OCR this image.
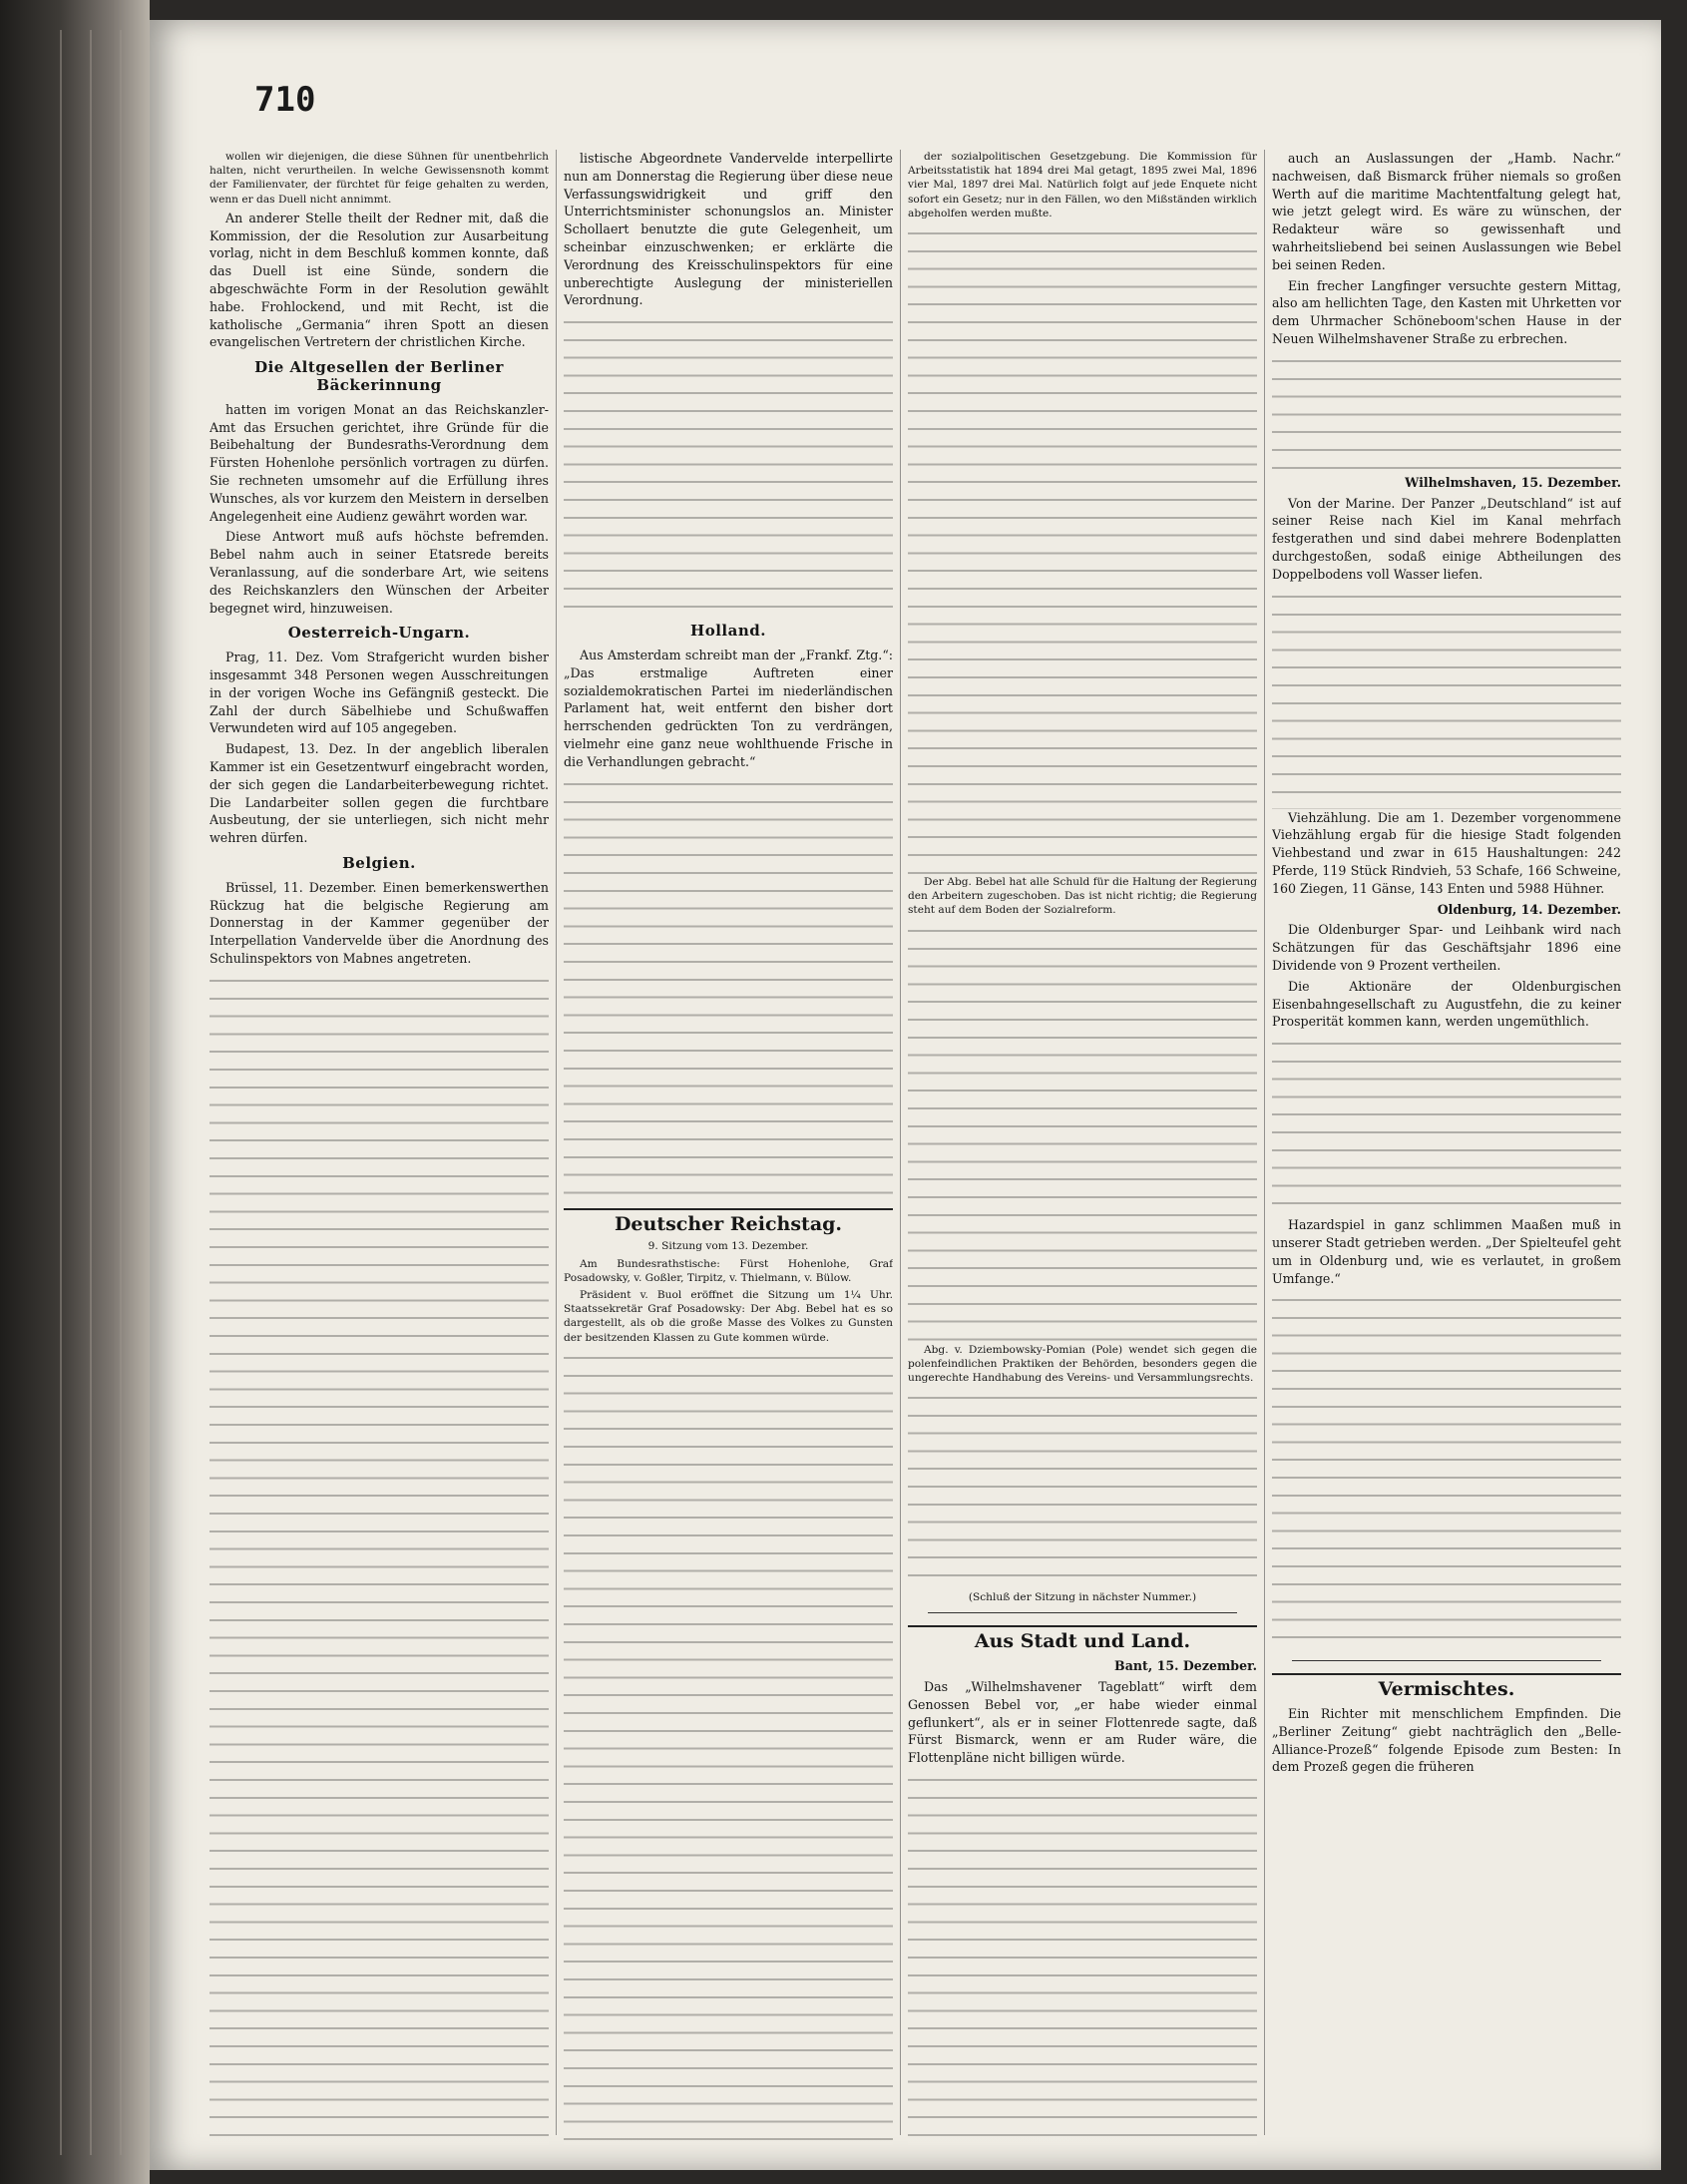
710

wollen wir diejenigen, die diese Sühnen für unentbehrlich halten, nicht verurtheilen. In welche Gewissensnoth kommt der Familienvater, der fürchtet für feige gehalten zu werden, wenn er das Duell nicht annimmt.

An anderer Stelle theilt der Redner mit, daß die Kommission, der die Resolution zur Ausarbeitung vorlag, nicht in dem Beschluß kommen konnte, daß das Duell ist eine Sünde, sondern die abgeschwächte Form in der Resolution gewählt habe. Frohlockend, und mit Recht, ist die katholische „Germania“ ihren Spott an diesen evangelischen Vertretern der christlichen Kirche.

Die Altgesellen der Berliner Bäckerinnung

hatten im vorigen Monat an das Reichskanzler-Amt das Ersuchen gerichtet, ihre Gründe für die Beibehaltung der Bundesraths-Verordnung dem Fürsten Hohenlohe persönlich vortragen zu dürfen. Sie rechneten umsomehr auf die Erfüllung ihres Wunsches, als vor kurzem den Meistern in derselben Angelegenheit eine Audienz gewährt worden war.

Diese Antwort muß aufs höchste befremden. Bebel nahm auch in seiner Etatsrede bereits Veranlassung, auf die sonderbare Art, wie seitens des Reichskanzlers den Wünschen der Arbeiter begegnet wird, hinzuweisen.

Oesterreich-Ungarn.

Prag, 11. Dez. Vom Strafgericht wurden bisher insgesammt 348 Personen wegen Ausschreitungen in der vorigen Woche ins Gefängniß gesteckt. Die Zahl der durch Säbelhiebe und Schußwaffen Verwundeten wird auf 105 angegeben.

Budapest, 13. Dez. In der angeblich liberalen Kammer ist ein Gesetzentwurf eingebracht worden, der sich gegen die Landarbeiterbewegung richtet. Die Landarbeiter sollen gegen die furchtbare Ausbeutung, der sie unterliegen, sich nicht mehr wehren dürfen.

Belgien.

Brüssel, 11. Dezember. Einen bemerkenswerthen Rückzug hat die belgische Regierung am Donnerstag in der Kammer gegenüber der Interpellation Vandervelde über die Anordnung des Schulinspektors von Mabnes angetreten.

listische Abgeordnete Vandervelde interpellirte nun am Donnerstag die Regierung über diese neue Verfassungswidrigkeit und griff den Unterrichtsminister schonungslos an. Minister Schollaert benutzte die gute Gelegenheit, um scheinbar einzuschwenken; er erklärte die Verordnung des Kreisschulinspektors für eine unberechtigte Auslegung der ministeriellen Verordnung.

Holland.

Aus Amsterdam schreibt man der „Frankf. Ztg.“: „Das erstmalige Auftreten einer sozialdemokratischen Partei im niederländischen Parlament hat, weit entfernt den bisher dort herrschenden gedrückten Ton zu verdrängen, vielmehr eine ganz neue wohlthuende Frische in die Verhandlungen gebracht.“

Deutscher Reichstag.

9. Sitzung vom 13. Dezember.

Am Bundesrathstische: Fürst Hohenlohe, Graf Posadowsky, v. Goßler, Tirpitz, v. Thielmann, v. Bülow.

Präsident v. Buol eröffnet die Sitzung um 1¼ Uhr. Staatssekretär Graf Posadowsky: Der Abg. Bebel hat es so dargestellt, als ob die große Masse des Volkes zu Gunsten der besitzenden Klassen zu Gute kommen würde.

der sozialpolitischen Gesetzgebung. Die Kommission für Arbeitsstatistik hat 1894 drei Mal getagt, 1895 zwei Mal, 1896 vier Mal, 1897 drei Mal. Natürlich folgt auf jede Enquete nicht sofort ein Gesetz; nur in den Fällen, wo den Mißständen wirklich abgeholfen werden mußte.

Der Abg. Bebel hat alle Schuld für die Haltung der Regierung den Arbeitern zugeschoben. Das ist nicht richtig; die Regierung steht auf dem Boden der Sozialreform.

Abg. v. Dziembowsky-Pomian (Pole) wendet sich gegen die polenfeindlichen Praktiken der Behörden, besonders gegen die ungerechte Handhabung des Vereins- und Versammlungsrechts.

(Schluß der Sitzung in nächster Nummer.)

Aus Stadt und Land.

Bant, 15. Dezember.

Das „Wilhelmshavener Tageblatt“ wirft dem Genossen Bebel vor, „er habe wieder einmal geflunkert“, als er in seiner Flottenrede sagte, daß Fürst Bismarck, wenn er am Ruder wäre, die Flottenpläne nicht billigen würde.

auch an Auslassungen der „Hamb. Nachr.“ nachweisen, daß Bismarck früher niemals so großen Werth auf die maritime Machtentfaltung gelegt hat, wie jetzt gelegt wird. Es wäre zu wünschen, der Redakteur wäre so gewissenhaft und wahrheitsliebend bei seinen Auslassungen wie Bebel bei seinen Reden.

Ein frecher Langfinger versuchte gestern Mittag, also am hellichten Tage, den Kasten mit Uhrketten vor dem Uhrmacher Schöneboom'schen Hause in der Neuen Wilhelmshavener Straße zu erbrechen.

Wilhelmshaven, 15. Dezember.

Von der Marine. Der Panzer „Deutschland“ ist auf seiner Reise nach Kiel im Kanal mehrfach festgerathen und sind dabei mehrere Bodenplatten durchgestoßen, sodaß einige Abtheilungen des Doppelbodens voll Wasser liefen.

Viehzählung. Die am 1. Dezember vorgenommene Viehzählung ergab für die hiesige Stadt folgenden Viehbestand und zwar in 615 Haushaltungen: 242 Pferde, 119 Stück Rindvieh, 53 Schafe, 166 Schweine, 160 Ziegen, 11 Gänse, 143 Enten und 5988 Hühner.

Oldenburg, 14. Dezember.

Die Oldenburger Spar- und Leihbank wird nach Schätzungen für das Geschäftsjahr 1896 eine Dividende von 9 Prozent vertheilen.

Die Aktionäre der Oldenburgischen Eisenbahngesellschaft zu Augustfehn, die zu keiner Prosperität kommen kann, werden ungemüthlich.

Hazardspiel in ganz schlimmen Maaßen muß in unserer Stadt getrieben werden. „Der Spielteufel geht um in Oldenburg und, wie es verlautet, in großem Umfange.“

Vermischtes.

Ein Richter mit menschlichem Empfinden. Die „Berliner Zeitung“ giebt nachträglich den „Belle-Alliance-Prozeß“ folgende Episode zum Besten: In dem Prozeß gegen die früheren
